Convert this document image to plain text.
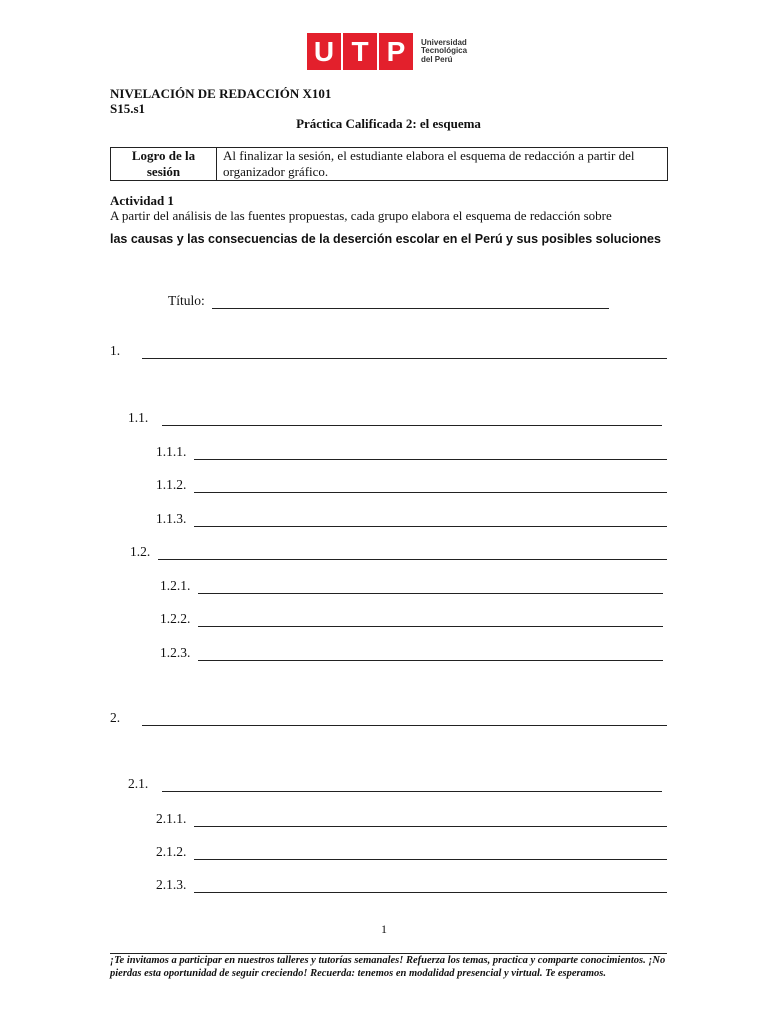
U T P	Universidad
Tecnológica
del Perú
NIVELACIÓN DE REDACCIÓN X101
S15.s1
Práctica Calificada 2: el esquema
Logro de la sesión	Al finalizar la sesión, el estudiante elabora el esquema de redacción a partir del organizador gráfico.
Actividad 1
A partir del análisis de las fuentes propuestas, cada grupo elabora el esquema de redacción sobre
las causas y las consecuencias de la deserción escolar en el Perú y sus posibles soluciones
Título:
1.
1.1.
1.1.1.
1.1.2.
1.1.3.
1.2.
1.2.1.
1.2.2.
1.2.3.
2.
2.1.
2.1.1.
2.1.2.
2.1.3.
1
¡Te invitamos a participar en nuestros talleres y tutorías semanales! Refuerza los temas, practica y comparte conocimientos. ¡No pierdas esta oportunidad de seguir creciendo! Recuerda: tenemos en modalidad presencial y virtual. Te esperamos.
